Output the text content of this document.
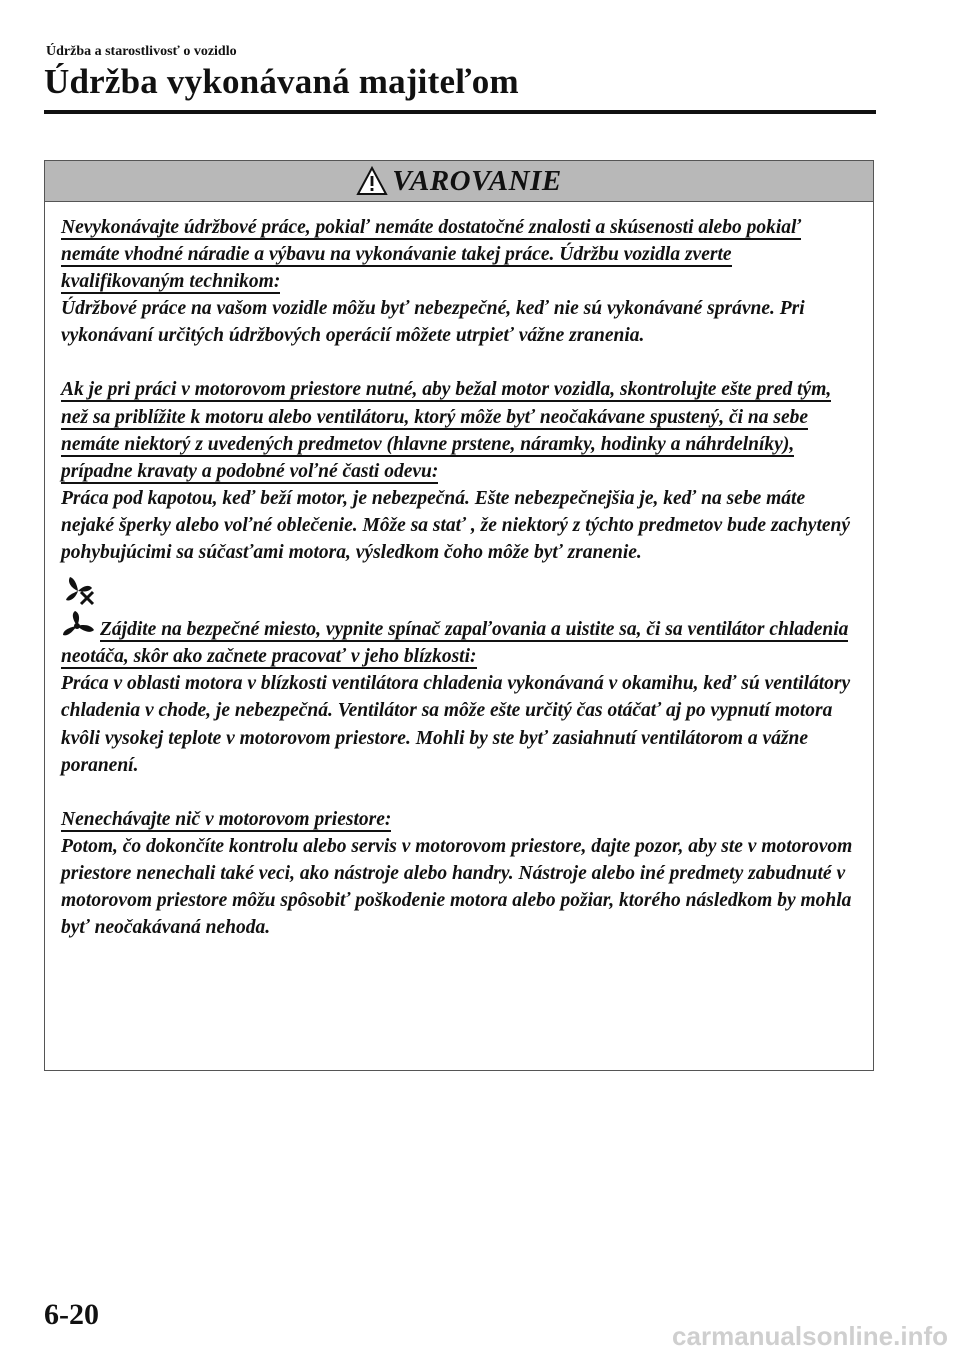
Údržba a starostlivosť o vozidlo
Údržba vykonávaná majiteľom
VAROVANIE

Nevykonávajte údržbové práce, pokiaľ nemáte dostatočné znalosti a skúsenosti alebo pokiaľ nemáte vhodné náradie a výbavu na vykonávanie takej práce. Údržbu vozidla zverte kvalifikovaným technikom:
Údržbové práce na vašom vozidle môžu byť nebezpečné, keď nie sú vykonávané správne. Pri vykonávaní určitých údržbových operácií môžete utrpieť vážne zranenia.

Ak je pri práci v motorovom priestore nutné, aby bežal motor vozidla, skontrolujte ešte pred tým, než sa priblížite k motoru alebo ventilátoru, ktorý môže byť neočakávane spustený, či na sebe nemáte niektorý z uvedených predmetov (hlavne prstene, náramky, hodinky a náhrdelníky), prípadne kravaty a podobné voľné časti odevu:
Práca pod kapotou, keď beží motor, je nebezpečná. Ešte nebezpečnejšia je, keď na sebe máte nejaké šperky alebo voľné oblečenie. Môže sa stať , že niektorý z týchto predmetov bude zachytený pohybujúcimi sa súčasťami motora, výsledkom čoho môže byť zranenie.

Zájdite na bezpečné miesto, vypnite spínač zapaľovania a uistite sa, či sa ventilátor chladenia neotáča, skôr ako začnete pracovať v jeho blízkosti:
Práca v oblasti motora v blízkosti ventilátora chladenia vykonávaná v okamihu, keď sú ventilátory chladenia v chode, je nebezpečná. Ventilátor sa môže ešte určitý čas otáčať aj po vypnutí motora kvôli vysokej teplote v motorovom priestore. Mohli by ste byť zasiahnutí ventilátorom a vážne poranení.

Nenechávajte nič v motorovom priestore:
Potom, čo dokončíte kontrolu alebo servis v motorovom priestore, dajte pozor, aby ste v motorovom priestore nenechali také veci, ako nástroje alebo handry. Nástroje alebo iné predmety zabudnuté v motorovom priestore môžu spôsobiť poškodenie motora alebo požiar, ktorého následkom by mohla byť neočakávaná nehoda.

6-20
carmanualsonline.info
